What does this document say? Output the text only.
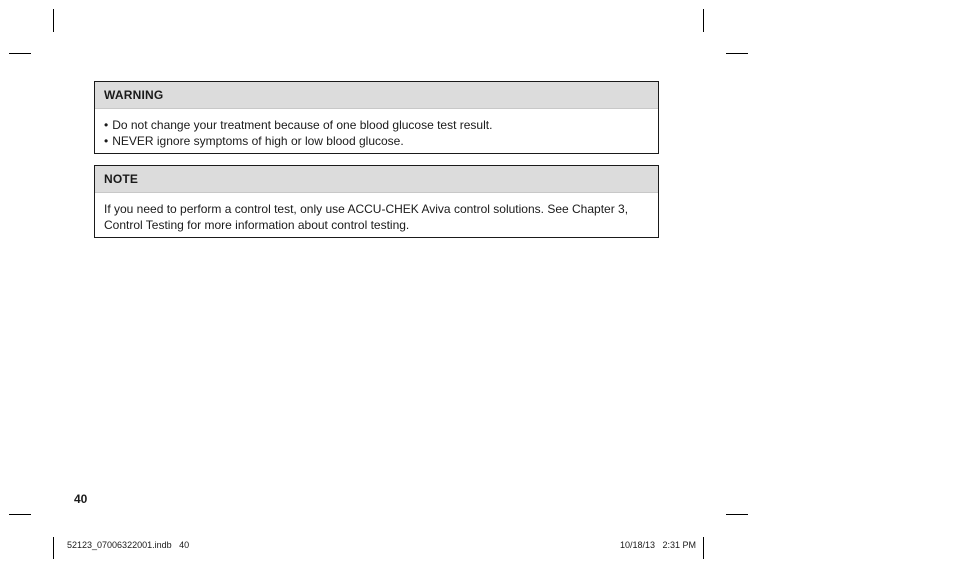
WARNING
• Do not change your treatment because of one blood glucose test result.
• NEVER ignore symptoms of high or low blood glucose.
NOTE
If you need to perform a control test, only use ACCU-CHEK Aviva control solutions. See Chapter 3, Control Testing for more information about control testing.
40
52123_07006322001.indb   40	10/18/13   2:31 PM
